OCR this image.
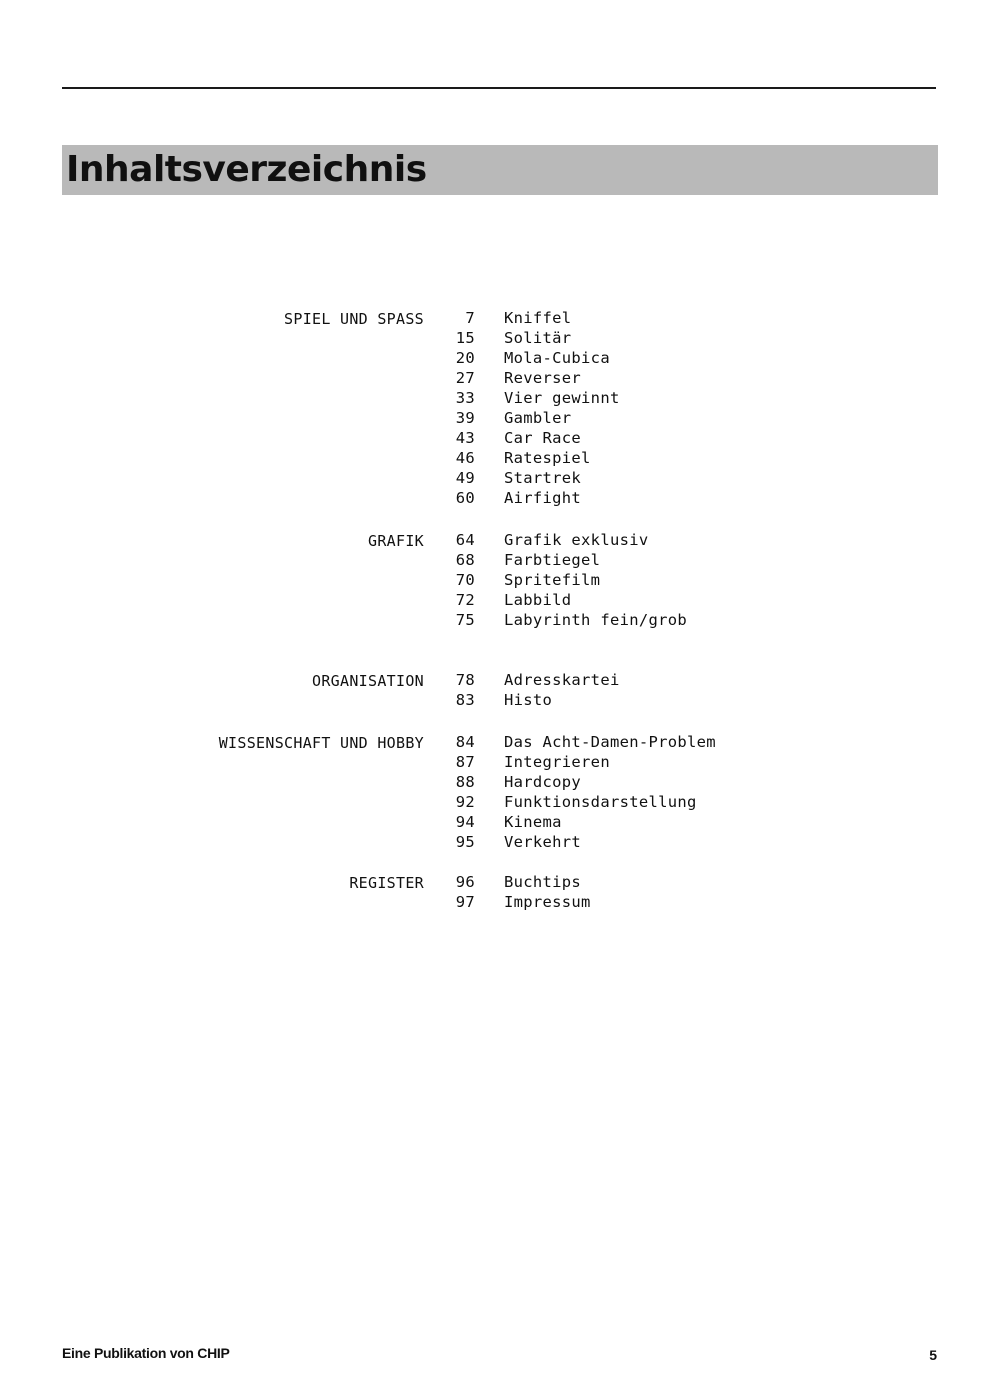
Inhaltsverzeichnis
SPIEL UND SPASS	7 Kniffel
15 Solitär
20 Mola-Cubica
27 Reverser
33 Vier gewinnt
39 Gambler
43 Car Race
46 Ratespiel
49 Startrek
60 Airfight
GRAFIK	64 Grafik exklusiv
68 Farbtiegel
70 Spritefilm
72 Labbild
75 Labyrinth fein/grob
ORGANISATION	78 Adresskartei
83 Histo
WISSENSCHAFT UND HOBBY	84 Das Acht-Damen-Problem
87 Integrieren
88 Hardcopy
92 Funktionsdarstellung
94 Kinema
95 Verkehrt
REGISTER	96 Buchtips
97 Impressum
Eine Publikation von CHIP	5
